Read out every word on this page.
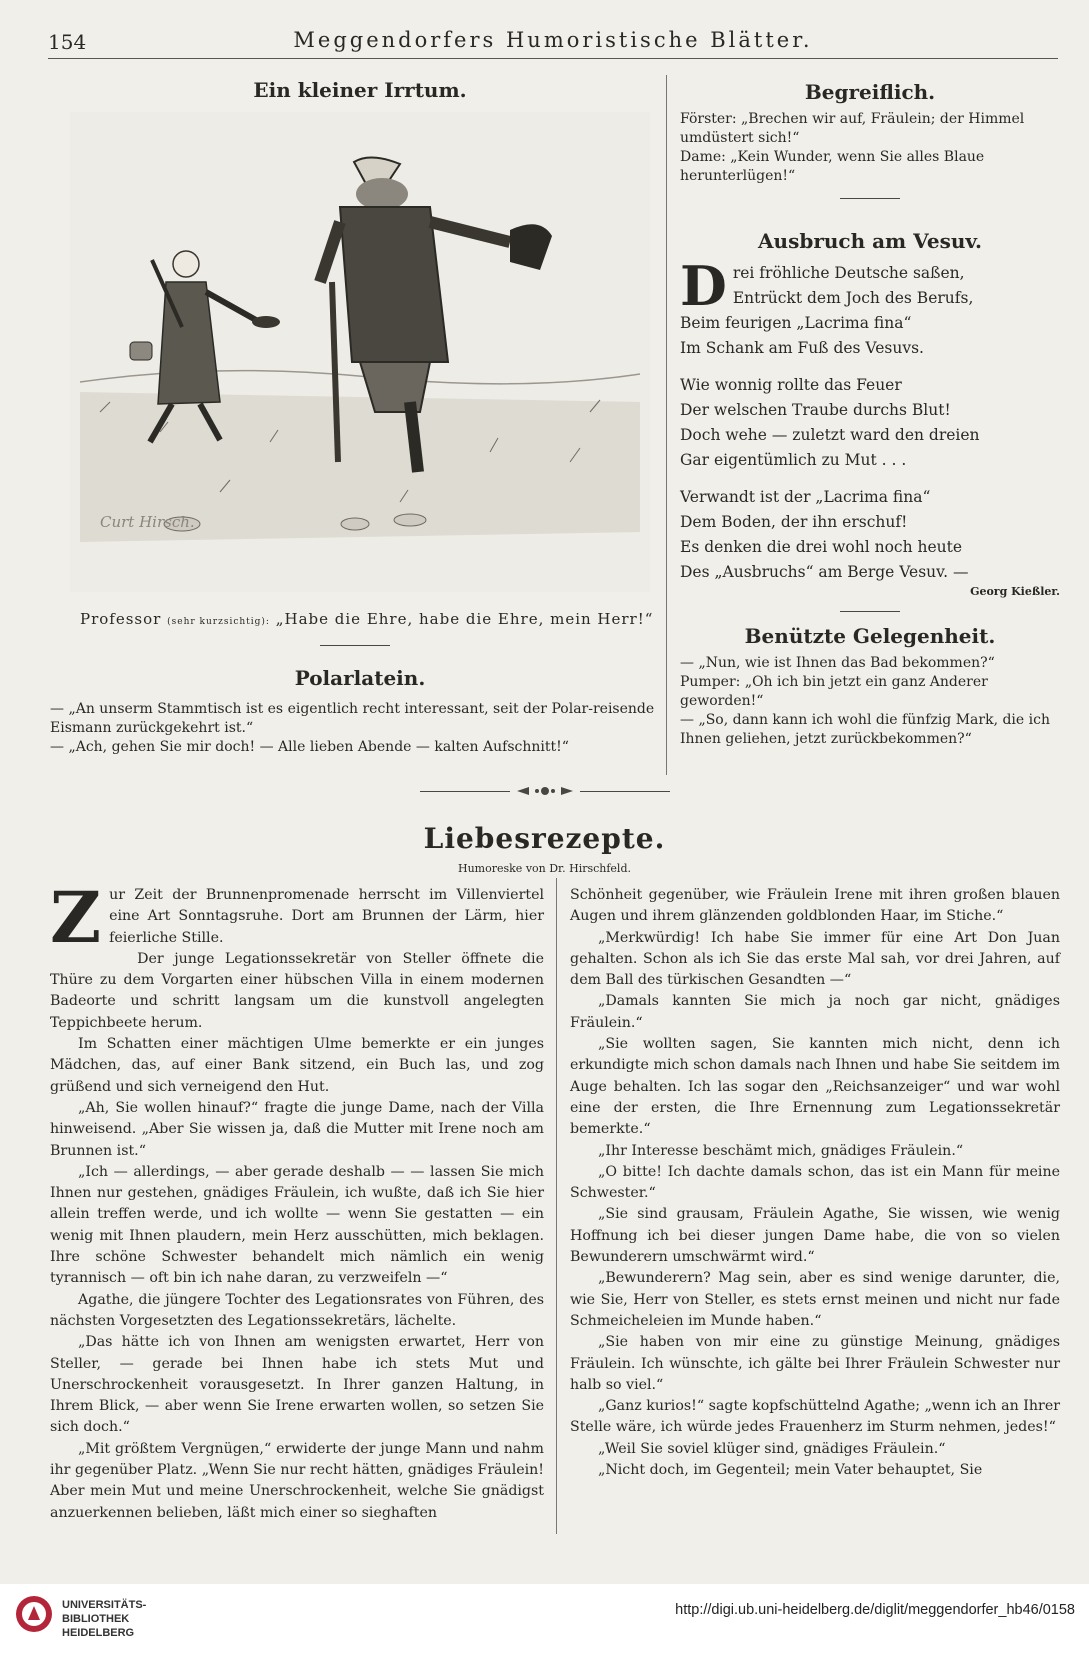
154	Meggendorfers Humoristische Blätter.
Ein kleiner Irrtum.
Curt Hirsch.
Professor (sehr kurzsichtig): „Habe die Ehre, habe die Ehre, mein Herr!“
Polarlatein.
— „An unserm Stammtisch ist es eigentlich recht interessant, seit der Polar-reisende Eismann zurückgekehrt ist.“
— „Ach, gehen Sie mir doch! — Alle lieben Abende — kalten Aufschnitt!“
Begreiflich.
Förster: „Brechen wir auf, Fräulein; der Himmel umdüstert sich!“
Dame: „Kein Wunder, wenn Sie alles Blaue herunterlügen!“
Ausbruch am Vesuv.
D rei fröhliche Deutsche saßen,
Entrückt dem Joch des Berufs,
Beim feurigen „Lacrima fina“
Im Schank am Fuß des Vesuvs.
Wie wonnig rollte das Feuer
Der welschen Traube durchs Blut!
Doch wehe — zuletzt ward den dreien
Gar eigentümlich zu Mut . . .
Verwandt ist der „Lacrima fina“
Dem Boden, der ihn erschuf!
Es denken die drei wohl noch heute
Des „Ausbruchs“ am Berge Vesuv. —
Georg Kießler.
Benützte Gelegenheit.
— „Nun, wie ist Ihnen das Bad bekommen?“
Pumper: „Oh ich bin jetzt ein ganz Anderer geworden!“
— „So, dann kann ich wohl die fünfzig Mark, die ich Ihnen geliehen, jetzt zurückbekommen?“
Liebesrezepte.
Humoreske von Dr. Hirschfeld.

Zur Zeit der Brunnenpromenade herrscht im Villenviertel eine Art Sonntagsruhe. Dort am Brunnen der Lärm, hier feierliche Stille.

Der junge Legationssekretär von Steller öffnete die Thüre zu dem Vorgarten einer hübschen Villa in einem modernen Badeorte und schritt langsam um die kunstvoll angelegten Teppichbeete herum.

Im Schatten einer mächtigen Ulme bemerkte er ein junges Mädchen, das, auf einer Bank sitzend, ein Buch las, und zog grüßend und sich verneigend den Hut.

„Ah, Sie wollen hinauf?“ fragte die junge Dame, nach der Villa hinweisend. „Aber Sie wissen ja, daß die Mutter mit Irene noch am Brunnen ist.“

„Ich — allerdings, — aber gerade deshalb — — lassen Sie mich Ihnen nur gestehen, gnädiges Fräulein, ich wußte, daß ich Sie hier allein treffen werde, und ich wollte — wenn Sie gestatten — ein wenig mit Ihnen plaudern, mein Herz ausschütten, mich beklagen. Ihre schöne Schwester behandelt mich nämlich ein wenig tyrannisch — oft bin ich nahe daran, zu verzweifeln —“

Agathe, die jüngere Tochter des Legationsrates von Führen, des nächsten Vorgesetzten des Legationssekretärs, lächelte.

„Das hätte ich von Ihnen am wenigsten erwartet, Herr von Steller, — gerade bei Ihnen habe ich stets Mut und Unerschrockenheit vorausgesetzt. In Ihrer ganzen Haltung, in Ihrem Blick, — aber wenn Sie Irene erwarten wollen, so setzen Sie sich doch.“

„Mit größtem Vergnügen,“ erwiderte der junge Mann und nahm ihr gegenüber Platz. „Wenn Sie nur recht hätten, gnädiges Fräulein! Aber mein Mut und meine Unerschrockenheit, welche Sie gnädigst anzuerkennen belieben, läßt mich einer so sieghaften

Schönheit gegenüber, wie Fräulein Irene mit ihren großen blauen Augen und ihrem glänzenden goldblonden Haar, im Stiche.“

„Merkwürdig! Ich habe Sie immer für eine Art Don Juan gehalten. Schon als ich Sie das erste Mal sah, vor drei Jahren, auf dem Ball des türkischen Gesandten —“

„Damals kannten Sie mich ja noch gar nicht, gnädiges Fräulein.“

„Sie wollten sagen, Sie kannten mich nicht, denn ich erkundigte mich schon damals nach Ihnen und habe Sie seitdem im Auge behalten. Ich las sogar den „Reichsanzeiger“ und war wohl eine der ersten, die Ihre Ernennung zum Legationssekretär bemerkte.“

„Ihr Interesse beschämt mich, gnädiges Fräulein.“

„O bitte! Ich dachte damals schon, das ist ein Mann für meine Schwester.“

„Sie sind grausam, Fräulein Agathe, Sie wissen, wie wenig Hoffnung ich bei dieser jungen Dame habe, die von so vielen Bewunderern umschwärmt wird.“

„Bewunderern? Mag sein, aber es sind wenige darunter, die, wie Sie, Herr von Steller, es stets ernst meinen und nicht nur fade Schmeicheleien im Munde haben.“

„Sie haben von mir eine zu günstige Meinung, gnädiges Fräulein. Ich wünschte, ich gälte bei Ihrer Fräulein Schwester nur halb so viel.“

„Ganz kurios!“ sagte kopfschüttelnd Agathe; „wenn ich an Ihrer Stelle wäre, ich würde jedes Frauenherz im Sturm nehmen, jedes!“

„Weil Sie soviel klüger sind, gnädiges Fräulein.“

„Nicht doch, im Gegenteil; mein Vater behauptet, Sie

UNIVERSITÄTS-
BIBLIOTHEK
HEIDELBERG
http://digi.ub.uni-heidelberg.de/diglit/meggendorfer_hb46/0158
